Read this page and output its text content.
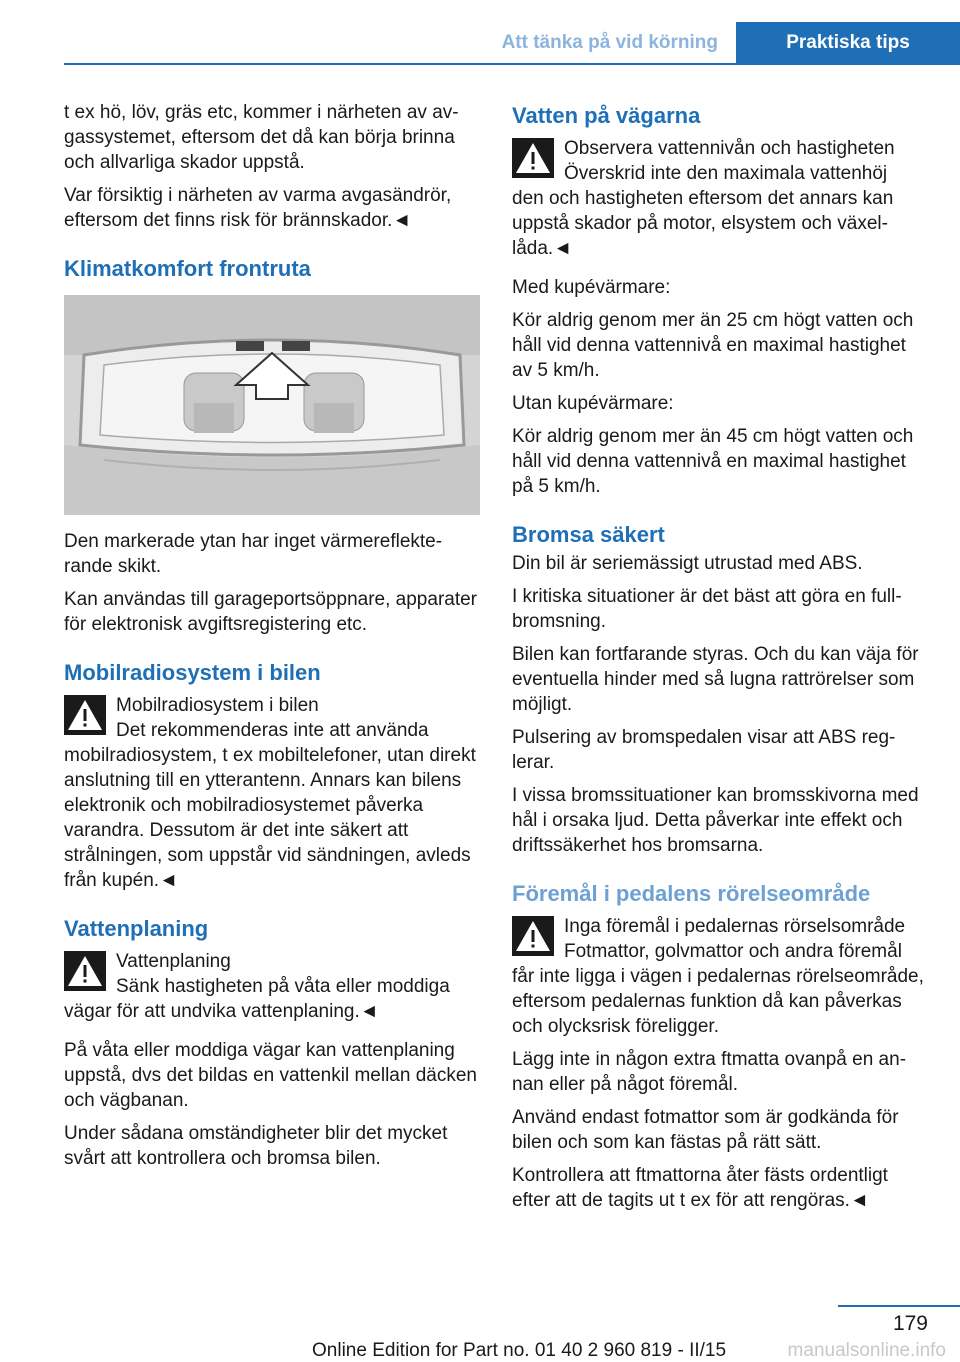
Att tänka på vid körning	Praktiska tips

t ex hö, löv, gräs etc, kommer i närheten av avgassystemet, eftersom det då kan börja brinna och allvarliga skador uppstå.

Var försiktig i närheten av varma avgasändrör, eftersom det finns risk för brännskador.◄

Klimatkomfort frontruta

Den markerade ytan har inget värmereflekterande skikt.

Kan användas till garageportsöppnare, apparater för elektronisk avgiftsregistering etc.

Mobilradiosystem i bilen
Mobilradiosystem i bilen
Det rekommenderas inte att använda
mobilradiosystem, t ex mobiltelefoner, utan direkt anslutning till en ytterantenn. Annars kan bilens elektronik och mobilradiosystemet påverka varandra. Dessutom är det inte säkert att strålningen, som uppstår vid sändningen, avleds från kupén.◄
Vattenplaning
Vattenplaning
Sänk hastigheten på våta eller moddiga
vägar för att undvika vattenplaning.◄

På våta eller moddiga vägar kan vattenplaning uppstå, dvs det bildas en vattenkil mellan däcken och vägbanan.

Under sådana omständigheter blir det mycket svårt att kontrollera och bromsa bilen.

Vatten på vägarna
Observera vattennivån och hastigheten
Överskrid inte den maximala vattenhöj
den och hastigheten eftersom det annars kan uppstå skador på motor, elsystem och växellåda.◄

Med kupévärmare:

Kör aldrig genom mer än 25 cm högt vatten och håll vid denna vattennivå en maximal hastighet av 5 km/h.

Utan kupévärmare:

Kör aldrig genom mer än 45 cm högt vatten och håll vid denna vattennivå en maximal hastighet på 5 km/h.

Bromsa säkert

Din bil är seriemässigt utrustad med ABS.

I kritiska situationer är det bäst att göra en fullbromsning.

Bilen kan fortfarande styras. Och du kan väja för eventuella hinder med så lugna rattrörelser som möjligt.

Pulsering av bromspedalen visar att ABS reglerar.

I vissa bromssituationer kan bromsskivorna med hål i orsaka ljud. Detta påverkar inte effekt och driftssäkerhet hos bromsarna.

Föremål i pedalens rörelseområde
Inga föremål i pedalernas rörselsområde
Fotmattor, golvmattor och andra föremål
får inte ligga i vägen i pedalernas rörelseområde, eftersom pedalernas funktion då kan påverkas och olycksrisk föreligger.

Lägg inte in någon extra ftmatta ovanpå en annan eller på något föremål.

Använd endast fotmattor som är godkända för bilen och som kan fästas på rätt sätt.

Kontrollera att ftmattorna åter fästs ordentligt efter att de tagits ut t ex för att rengöras.◄

179
Online Edition for Part no. 01 40 2 960 819 - II/15	manualsonline.info
